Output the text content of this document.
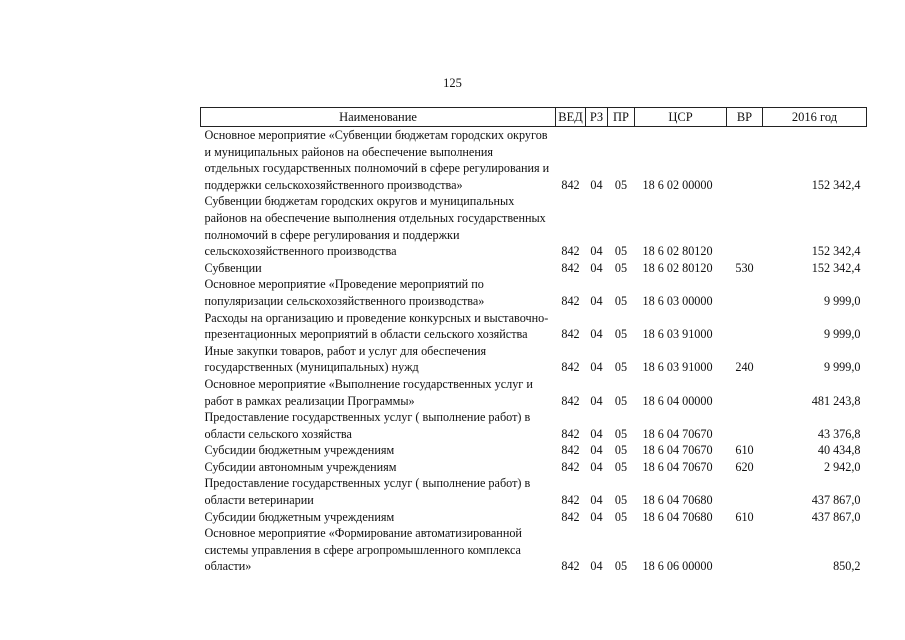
125
Наименование	ВЕД	РЗ	ПР	ЦСР	ВР	2016 год
Основное мероприятие «Субвенции бюджетам городских округов и муниципальных районов на обеспечение выполнения отдельных государственных полномочий в сфере регулирования и поддержки сельскохозяйственного производства»	842	04	05	18 6 02 00000		152 342,4
Субвенции бюджетам городских округов и муниципальных районов на обеспечение выполнения отдельных государственных полномочий в сфере регулирования и поддержки сельскохозяйственного производства	842	04	05	18 6 02 80120		152 342,4
Субвенции	842	04	05	18 6 02 80120	530	152 342,4
Основное мероприятие «Проведение мероприятий по популяризации сельскохозяйственного производства»	842	04	05	18 6 03 00000		9 999,0
Расходы на организацию и проведение конкурсных и выставочно-презентационных мероприятий в области сельского хозяйства	842	04	05	18 6 03 91000		9 999,0
Иные закупки товаров, работ и услуг для обеспечения государственных (муниципальных) нужд	842	04	05	18 6 03 91000	240	9 999,0
Основное мероприятие «Выполнение государственных услуг и работ в рамках реализации Программы»	842	04	05	18 6 04 00000		481 243,8
Предоставление государственных услуг ( выполнение работ) в области сельского хозяйства	842	04	05	18 6 04 70670		43 376,8
Субсидии бюджетным учреждениям	842	04	05	18 6 04 70670	610	40 434,8
Субсидии автономным учреждениям	842	04	05	18 6 04 70670	620	2 942,0
Предоставление государственных услуг ( выполнение работ) в области ветеринарии	842	04	05	18 6 04 70680		437 867,0
Субсидии бюджетным учреждениям	842	04	05	18 6 04 70680	610	437 867,0
Основное мероприятие «Формирование автоматизированной системы управления в сфере агропромышленного комплекса области»	842	04	05	18 6 06 00000		850,2
